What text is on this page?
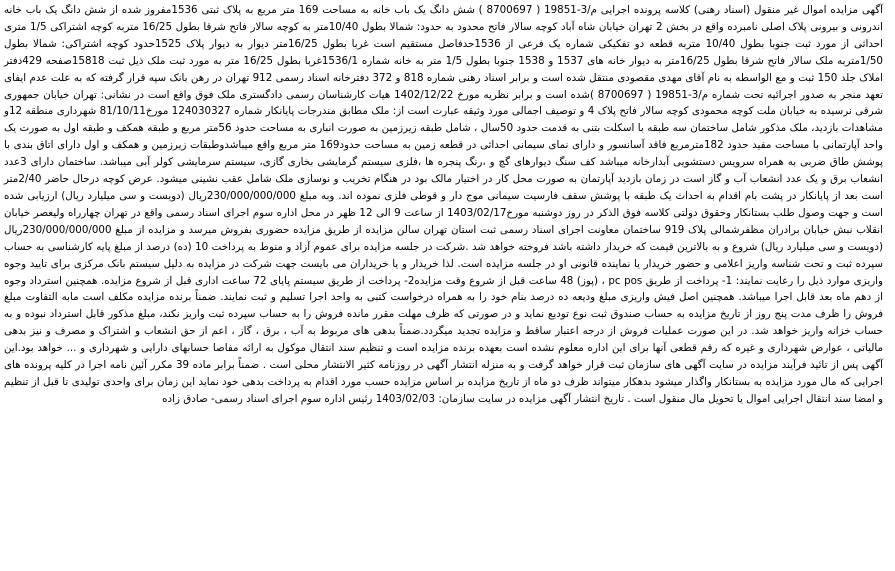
آگهی مزایده اموال غیر منقول (اسناد رهنی) کلاسه پرونده اجرایی م/3-19851 ( 8700697 ) شش دانگ یک باب خانه به مساحت 169 متر مربع به پلاک ثبتی 1536مفروز شده از شش دانگ یک باب خانه اندرونی و بیرونی پلاک اصلی نامبرده واقع در بخش 2 تهران خیابان شاه آباد کوچه سالار فاتح محدود به حدود: شمالا بطول 10/40متر به کوچه سالار فاتح شرقا بطول 16/25 متربه کوچه اشتراکی 1/5 متری احداثی از مورد ثبت جنوبا بطول 10/40 متربه قطعه دو تفکیکی شماره یک فرعی از 1536حدفاصل مستقیم است غربا بطول 16/25متر دیوار به دیوار پلاک 1525حدود کوچه اشتراکی: شمالا بطول 1/50متربه ملک سالار فاتح شرقا بطول 16/25متر به دیوار خانه های 1537 و 1538 جنوبا بطول 1/5 متر به خانه شماره 1536/1غربا بطول 16/25 متر به مورد ثبت ملک ذیل ثبت 15818صفحه 429دفتر املاک جلد 150 ثبت و مع الواسطه به نام آقای مهدی مقصودی منتقل شده است و برابر اسناد رهنی شماره 818 و 372 دفترخانه اسناد رسمی 912 تهران در رهن بانک سپه قرار گرفته که به علت عدم ایفای تعهد منجر به صدور اجرائیه تحت شماره م/3-19851 ( 8700697 )شده است و برابر نظریه مورخ 1402/12/22 هیات کارشناسان رسمی دادگستری ملک فوق واقع است در نشانی: تهران خیابان جمهوری شرقی نرسیده به خیابان ملت کوچه محمودی کوچه سالار فاتح پلاک 4 و توصیف اجمالی مورد وثیقه عبارت است از: ملک مطابق مندرجات پایانکار شماره 124030327 مورخ81/10/11 شهرداری منطقه 12و مشاهدات بازدید، ملک مذکور شامل ساختمان سه طبقه با اسکلت بتنی به قدمت حدود 50سال ، شامل طبقه زیرزمین به صورت انباری به مساحت حدود 56متر مربع و طبقه همکف و طبقه اول به صورت یک واحد آپارتمانی با مساحت مفید حدود 182مترمربع فاقد آسانسور و دارای نمای سیمانی احداثی در قطعه زمین به مساحت حدود169 متر مربع واقع میباشدوطبقات زیرزمین و همکف و اول دارای اتاق بندی با پوشش طاق ضربی به همراه سرویس دستشویی آبدارخانه میباشد کف سنگ دیوارهای گچ و ،رنگ پنجره ها ،فلزی سیستم گرمایشی بخاری گازی، سیستم سرمایشی کولر آبی میباشد. ساختمان دارای 3عدد انشعاب برق و یک عدد انشعاب آب و گاز است در زمان بازدید آپارتمان به صورت محل کار در اختیار مالک بود در هنگام تخریب و نوسازی ملک شامل عقب نشینی میشود. عرض کوچه درحال حاضر 2/40متر است بعد از پایانکار در پشت بام اقدام به احداث یک طبقه با پوشش سقف فارسیت سیمانی موج دار و قوطی فلزی نموده اند. وبه مبلغ 230/000/000/000ریال (دویست و سی میلیارد ریال) ارزیابی شده است و جهت وصول طلب بستانکار وحقوق دولتی کلاسه فوق الذکر در روز دوشنبه مورخ1403/02/17 از ساعت 9 الی 12 ظهر در محل اداره سوم اجرای اسناد رسمی واقع در تهران چهارراه ولیعصر خیابان انقلاب نبش خیابان برادران مظفرشمالی پلاک 919 ساختمان معاونت اجرای اسناد رسمی ثبت استان تهران سالن مزایده از طریق مزایده حضوری بفروش میرسد و مزایده از مبلغ 230/000/000/000ریال (دویست و سی میلیارد ریال) شروع و به بالاترین قیمت که خریدار داشته باشد فروخته خواهد شد .شرکت در جلسه مزایده برای عموم آزاد و منوط به پرداخت 10 (ده) درصد از مبلغ پایه کارشناسی به حساب سپرده ثبت و تحت شناسه واریز اعلامی و حضور خریدار یا نماینده قانونی او در جلسه مزایده است. لذا خریدار و یا خریداران می بایست جهت شرکت در مزایده به دلیل سیستم بانک مرکزی برای تایید وجوه واریزی موارد ذیل را رعایت نمایند: 1- پرداخت از طریق pc pos ، (پوز) 48 ساعت قبل از شروع وقت مزایده2- پرداخت از طریق سیستم پایای 72 ساعت اداری قبل از شروع مزایده. همچنین استرداد وجوه از دهم ماه بعد قابل اجرا میباشد. همچنین اصل فیش واریزی مبلغ ودیعه ده درصد بنام خود را به همراه درخواست کتبی به واحد اجرا تسلیم و ثبت نمایند. ضمناً برنده مزایده مکلف است مابه التفاوت مبلغ فروش را ظرف مدت پنج روز از تاریخ مزایده به حساب صندوق ثبت نوع تودیع نماید و در صورتی که ظرف مهلت مقرر مانده فروش را به حساب سپرده ثبت واریز نکند، مبلغ مذکور قابل استرداد نبوده و به حساب خزانه واریز خواهد شد. در این صورت عملیات فروش از درجه اعتبار ساقط و مزایده تجدید میگردد.ضمناً بدهی های مربوط به آب ، برق ، گاز ، اعم از حق انشعاب و اشتراک و مصرف و نیز بدهی مالیاتی ، عوارض شهرداری و غیره که رقم قطعی آنها برای این اداره معلوم نشده است بعهده برنده مزایده است و تنظیم سند انتقال موکول به ارائه مفاصا حسابهای دارایی و شهرداری و ... خواهد بود.این آگهی پس از تائید فرآیند مزایده در سایت آگهی های سازمان ثبت قرار خواهد گرفت و به منزله انتشار آگهی در روزنامه کثیر الانتشار محلی است . ضمناً برابر ماده 39 مکرر آئین نامه اجرا در کلیه پرونده های اجرایی که مال مورد مزایده به بستانکار واگذار میشود بدهکار میتواند ظرف دو ماه از تاریخ مزایده بر اساس مزایده حسب مورد اقدام به پرداخت بدهی خود نماید این زمان برای واحدی تولیدی تا قبل از تنظیم و امضا سند انتقال اجرایی اموال یا تحویل مال منقول است . تاریخ انتشار آگهی مزایده در سایت سازمان: 1403/02/03 رئیس اداره سوم اجرای اسناد رسمی- صادق زاده
